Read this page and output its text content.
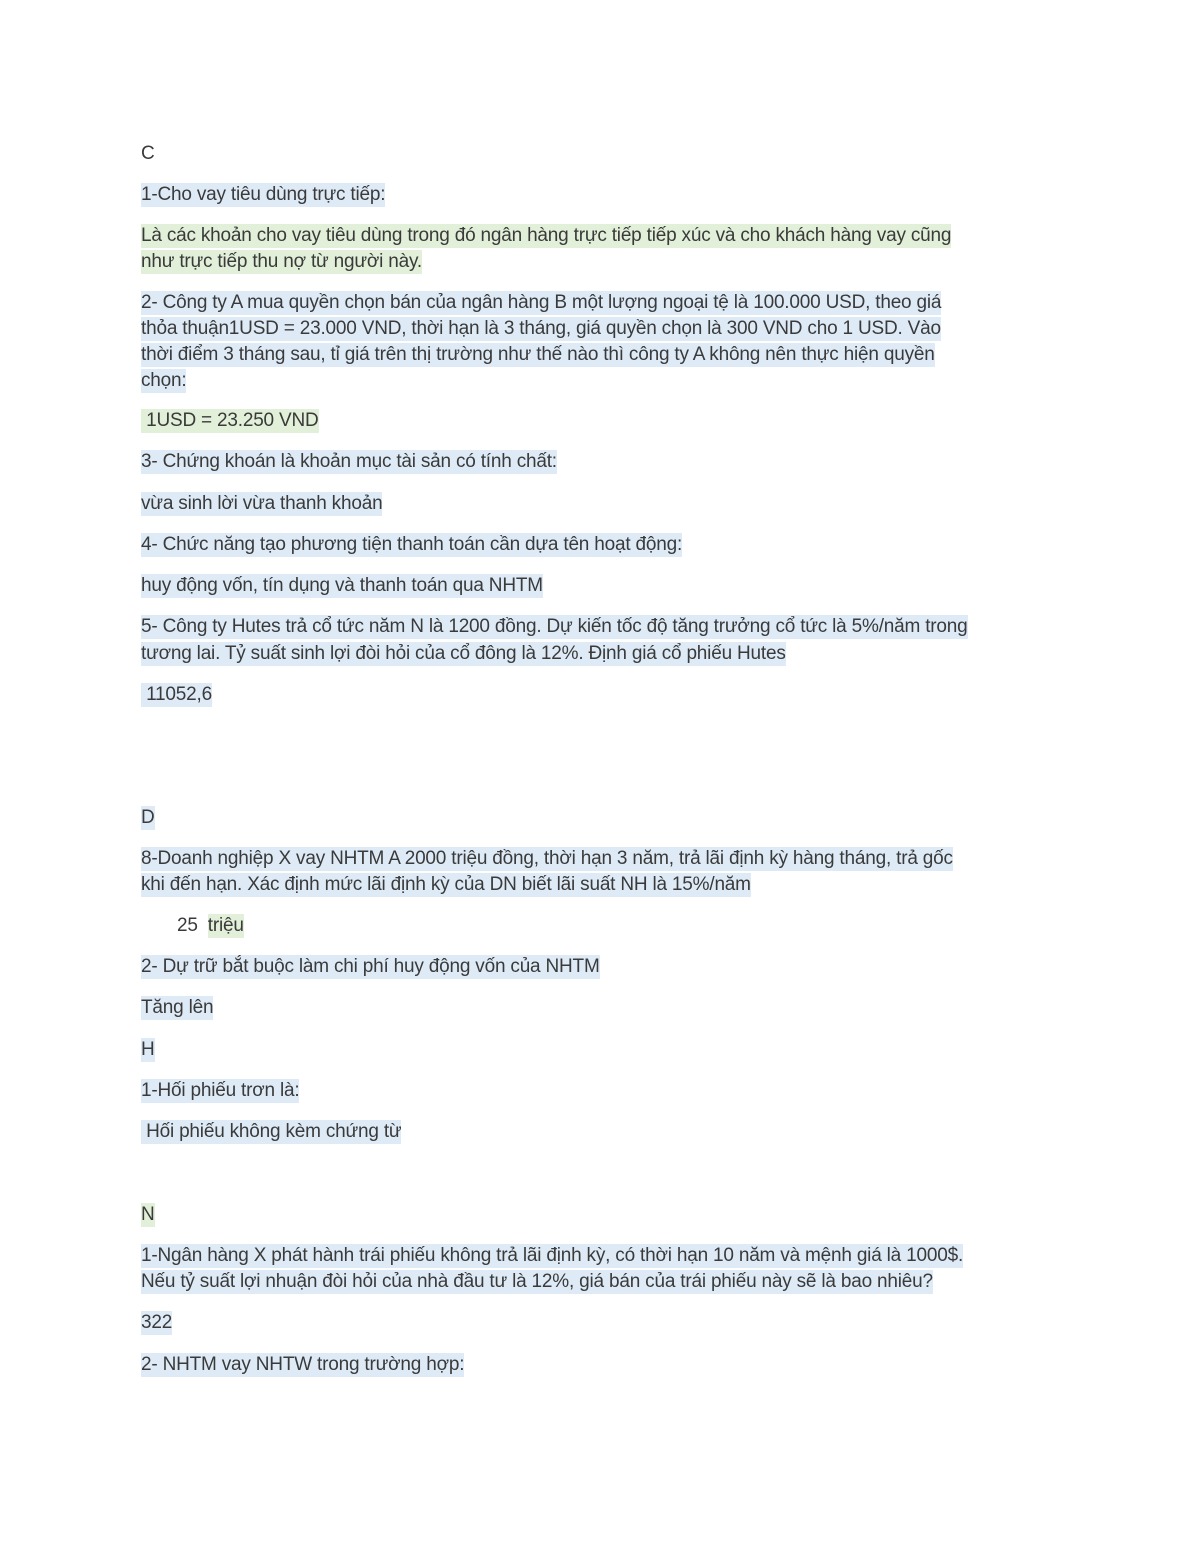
C
1-Cho vay tiêu dùng trực tiếp:
Là các khoản cho vay tiêu dùng trong đó ngân hàng trực tiếp tiếp xúc và cho khách hàng vay cũng
như trực tiếp thu nợ từ người này.
2- Công ty A mua quyền chọn bán của ngân hàng B một lượng ngoại tệ là 100.000 USD, theo giá
thỏa thuận1USD = 23.000 VND, thời hạn là 3 tháng, giá quyền chọn là 300 VND cho 1 USD. Vào
thời điểm 3 tháng sau, tỉ giá trên thị trường như thế nào thì công ty A không nên thực hiện quyền
chọn:
1USD = 23.250 VND
3- Chứng khoán là khoản mục tài sản có tính chất:
vừa sinh lời vừa thanh khoản
4- Chức năng tạo phương tiện thanh toán cần dựa tên hoạt động:
huy động vốn, tín dụng và thanh toán qua NHTM
5- Công ty Hutes trả cổ tức năm N là 1200 đồng. Dự kiến tốc độ tăng trưởng cổ tức là 5%/năm trong
tương lai. Tỷ suất sinh lợi đòi hỏi của cổ đông là 12%. Định giá cổ phiếu Hutes
11052,6
D
8-Doanh nghiệp X vay NHTM A 2000 triệu đồng, thời hạn 3 năm, trả lãi định kỳ hàng tháng, trả gốc
khi đến hạn. Xác định mức lãi định kỳ của DN biết lãi suất NH là 15%/năm
25 triệu
2- Dự trữ bắt buộc làm chi phí huy động vốn của NHTM
Tăng lên
H
1-Hối phiếu trơn là:
Hối phiếu không kèm chứng từ
N
1-Ngân hàng X phát hành trái phiếu không trả lãi định kỳ, có thời hạn 10 năm và mệnh giá là 1000$.
Nếu tỷ suất lợi nhuận đòi hỏi của nhà đầu tư là 12%, giá bán của trái phiếu này sẽ là bao nhiêu?
322
2- NHTM vay NHTW trong trường hợp:
